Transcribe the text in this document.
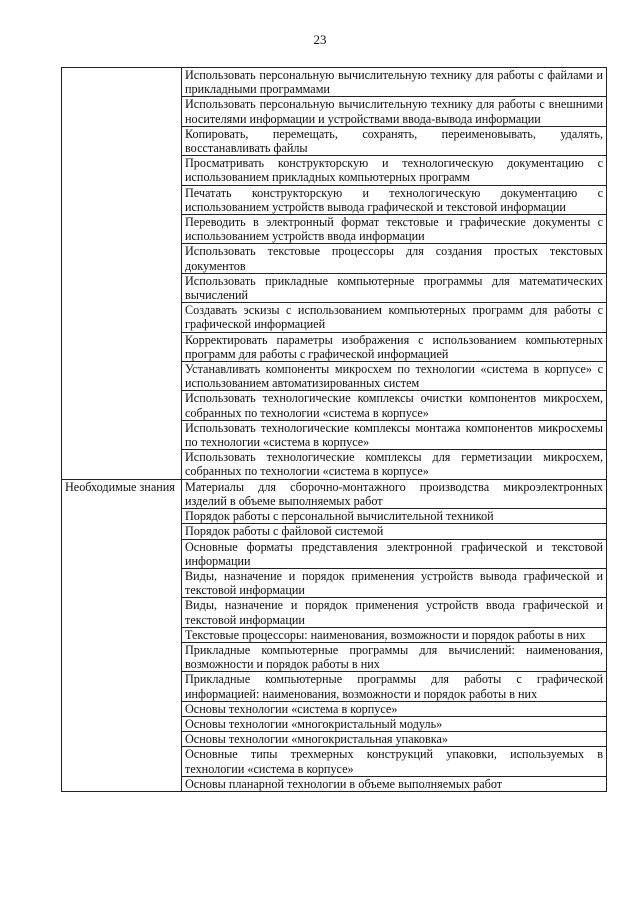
23
	Использовать персональную вычислительную технику для работы с файлами и прикладными программами
	Использовать персональную вычислительную технику для работы с внешними носителями информации и устройствами ввода-вывода информации
	Копировать, перемещать, сохранять, переименовывать, удалять, восстанавливать файлы
	Просматривать конструкторскую и технологическую документацию с использованием прикладных компьютерных программ
	Печатать конструкторскую и технологическую документацию с использованием устройств вывода графической и текстовой информации
	Переводить в электронный формат текстовые и графические документы с использованием устройств ввода информации
	Использовать текстовые процессоры для создания простых текстовых документов
	Использовать прикладные компьютерные программы для математических вычислений
	Создавать эскизы с использованием компьютерных программ для работы с графической информацией
	Корректировать параметры изображения с использованием компьютерных программ для работы с графической информацией
	Устанавливать компоненты микросхем по технологии «система в корпусе» с использованием автоматизированных систем
	Использовать технологические комплексы очистки компонентов микросхем, собранных по технологии «система в корпусе»
	Использовать технологические комплексы монтажа компонентов микросхемы по технологии «система в корпусе»
	Использовать технологические комплексы для герметизации микросхем, собранных по технологии «система в корпусе»
Необходимые знания	Материалы для сборочно-монтажного производства микроэлектронных изделий в объеме выполняемых работ
	Порядок работы с персональной вычислительной техникой
	Порядок работы с файловой системой
	Основные форматы представления электронной графической и текстовой информации
	Виды, назначение и порядок применения устройств вывода графической и текстовой информации
	Виды, назначение и порядок применения устройств ввода графической и текстовой информации
	Текстовые процессоры: наименования, возможности и порядок работы в них
	Прикладные компьютерные программы для вычислений: наименования, возможности и порядок работы в них
	Прикладные компьютерные программы для работы с графической информацией: наименования, возможности и порядок работы в них
	Основы технологии «система в корпусе»
	Основы технологии «многокристальный модуль»
	Основы технологии «многокристальная упаковка»
	Основные типы трехмерных конструкций упаковки, используемых в технологии «система в корпусе»
	Основы планарной технологии в объеме выполняемых работ
